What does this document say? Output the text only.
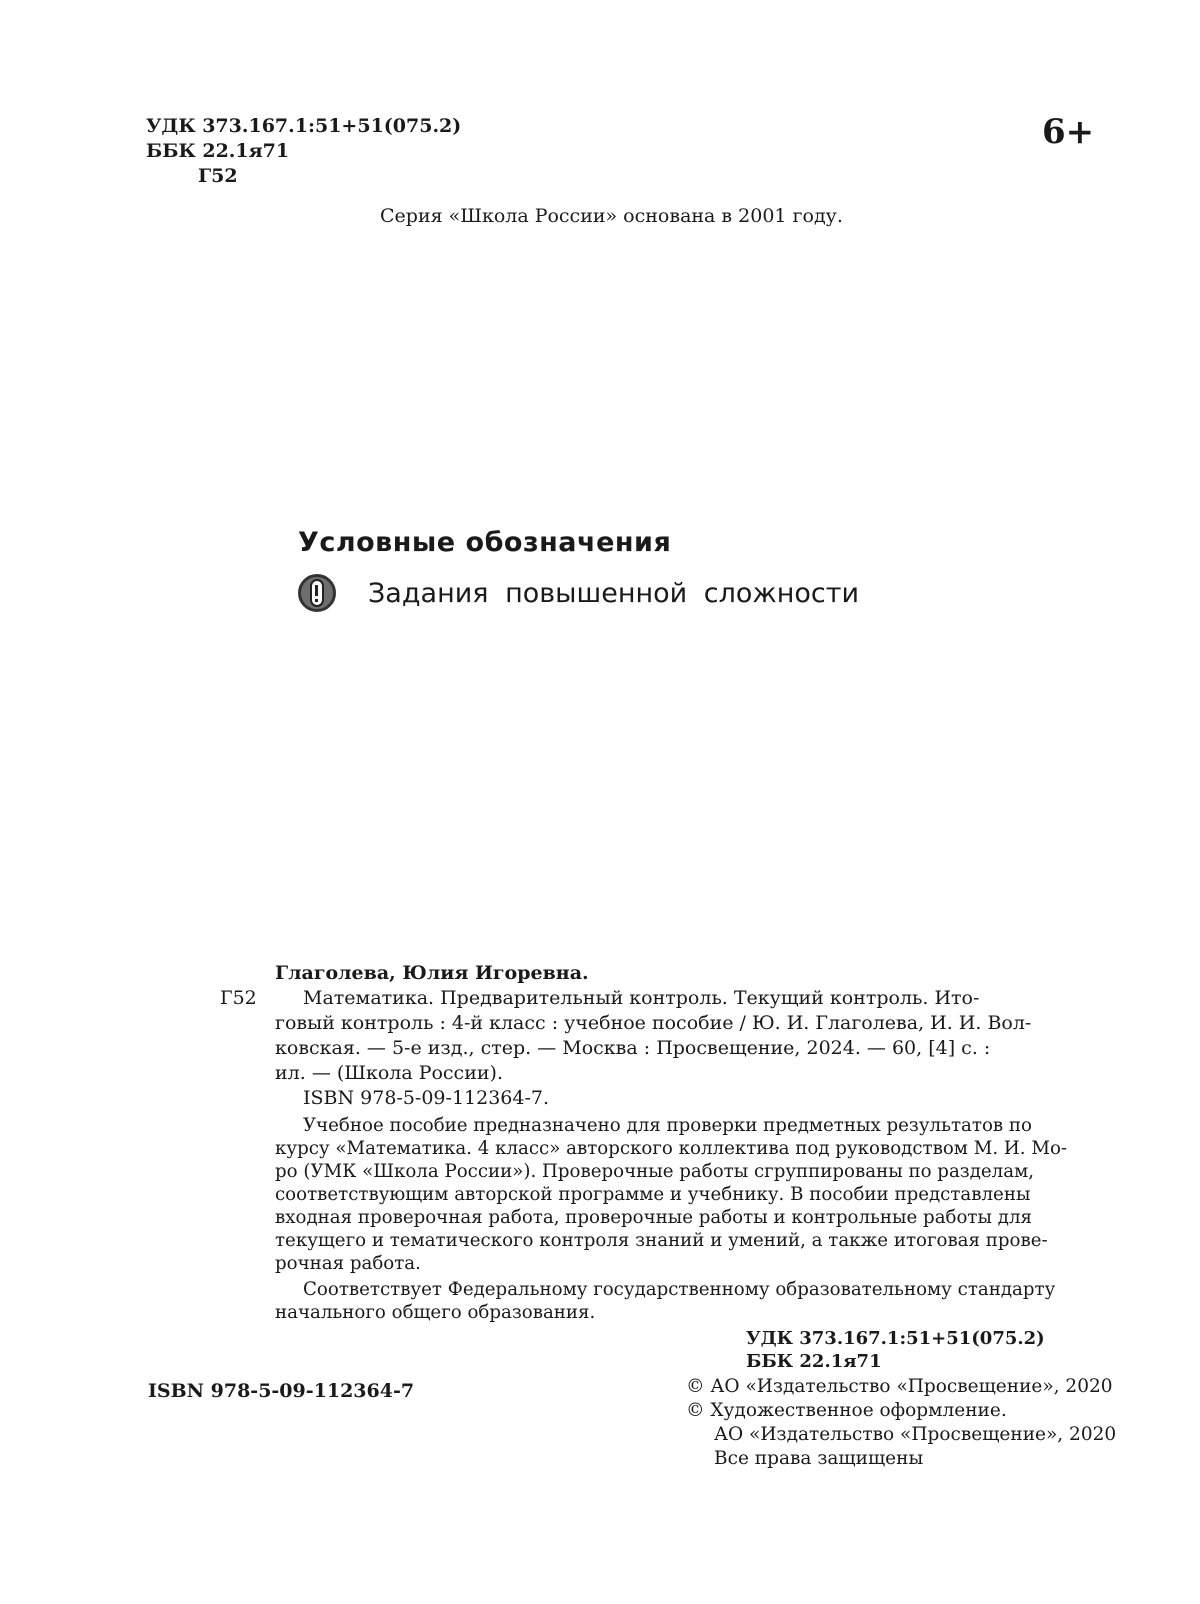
УДК 373.167.1:51+51(075.2)
ББК 22.1я71
Г52
6+
Серия «Школа России» основана в 2001 году.
Условные обозначения
Задания повышенной сложности
Глаголева, Юлия Игоревна.
Г52 Математика. Предварительный контроль. Текущий контроль. Ито-
говый контроль : 4-й класс : учебное пособие / Ю. И. Глаголева, И. И. Вол-
ковская. — 5-е изд., стер. — Москва : Просвещение, 2024. — 60, [4] с. :
ил. — (Школа России).
ISBN 978-5-09-112364-7.
Учебное пособие предназначено для проверки предметных результатов по
курсу «Математика. 4 класс» авторского коллектива под руководством М. И. Мо-
ро (УМК «Школа России»). Проверочные работы сгруппированы по разделам,
соответствующим авторской программе и учебнику. В пособии представлены
входная проверочная работа, проверочные работы и контрольные работы для
текущего и тематического контроля знаний и умений, а также итоговая прове-
рочная работа.
Соответствует Федеральному государственному образовательному стандарту
начального общего образования.
УДК 373.167.1:51+51(075.2)
ББК 22.1я71
ISBN 978-5-09-112364-7	© АО «Издательство «Просвещение», 2020
© Художественное оформление.
АО «Издательство «Просвещение», 2020
Все права защищены
